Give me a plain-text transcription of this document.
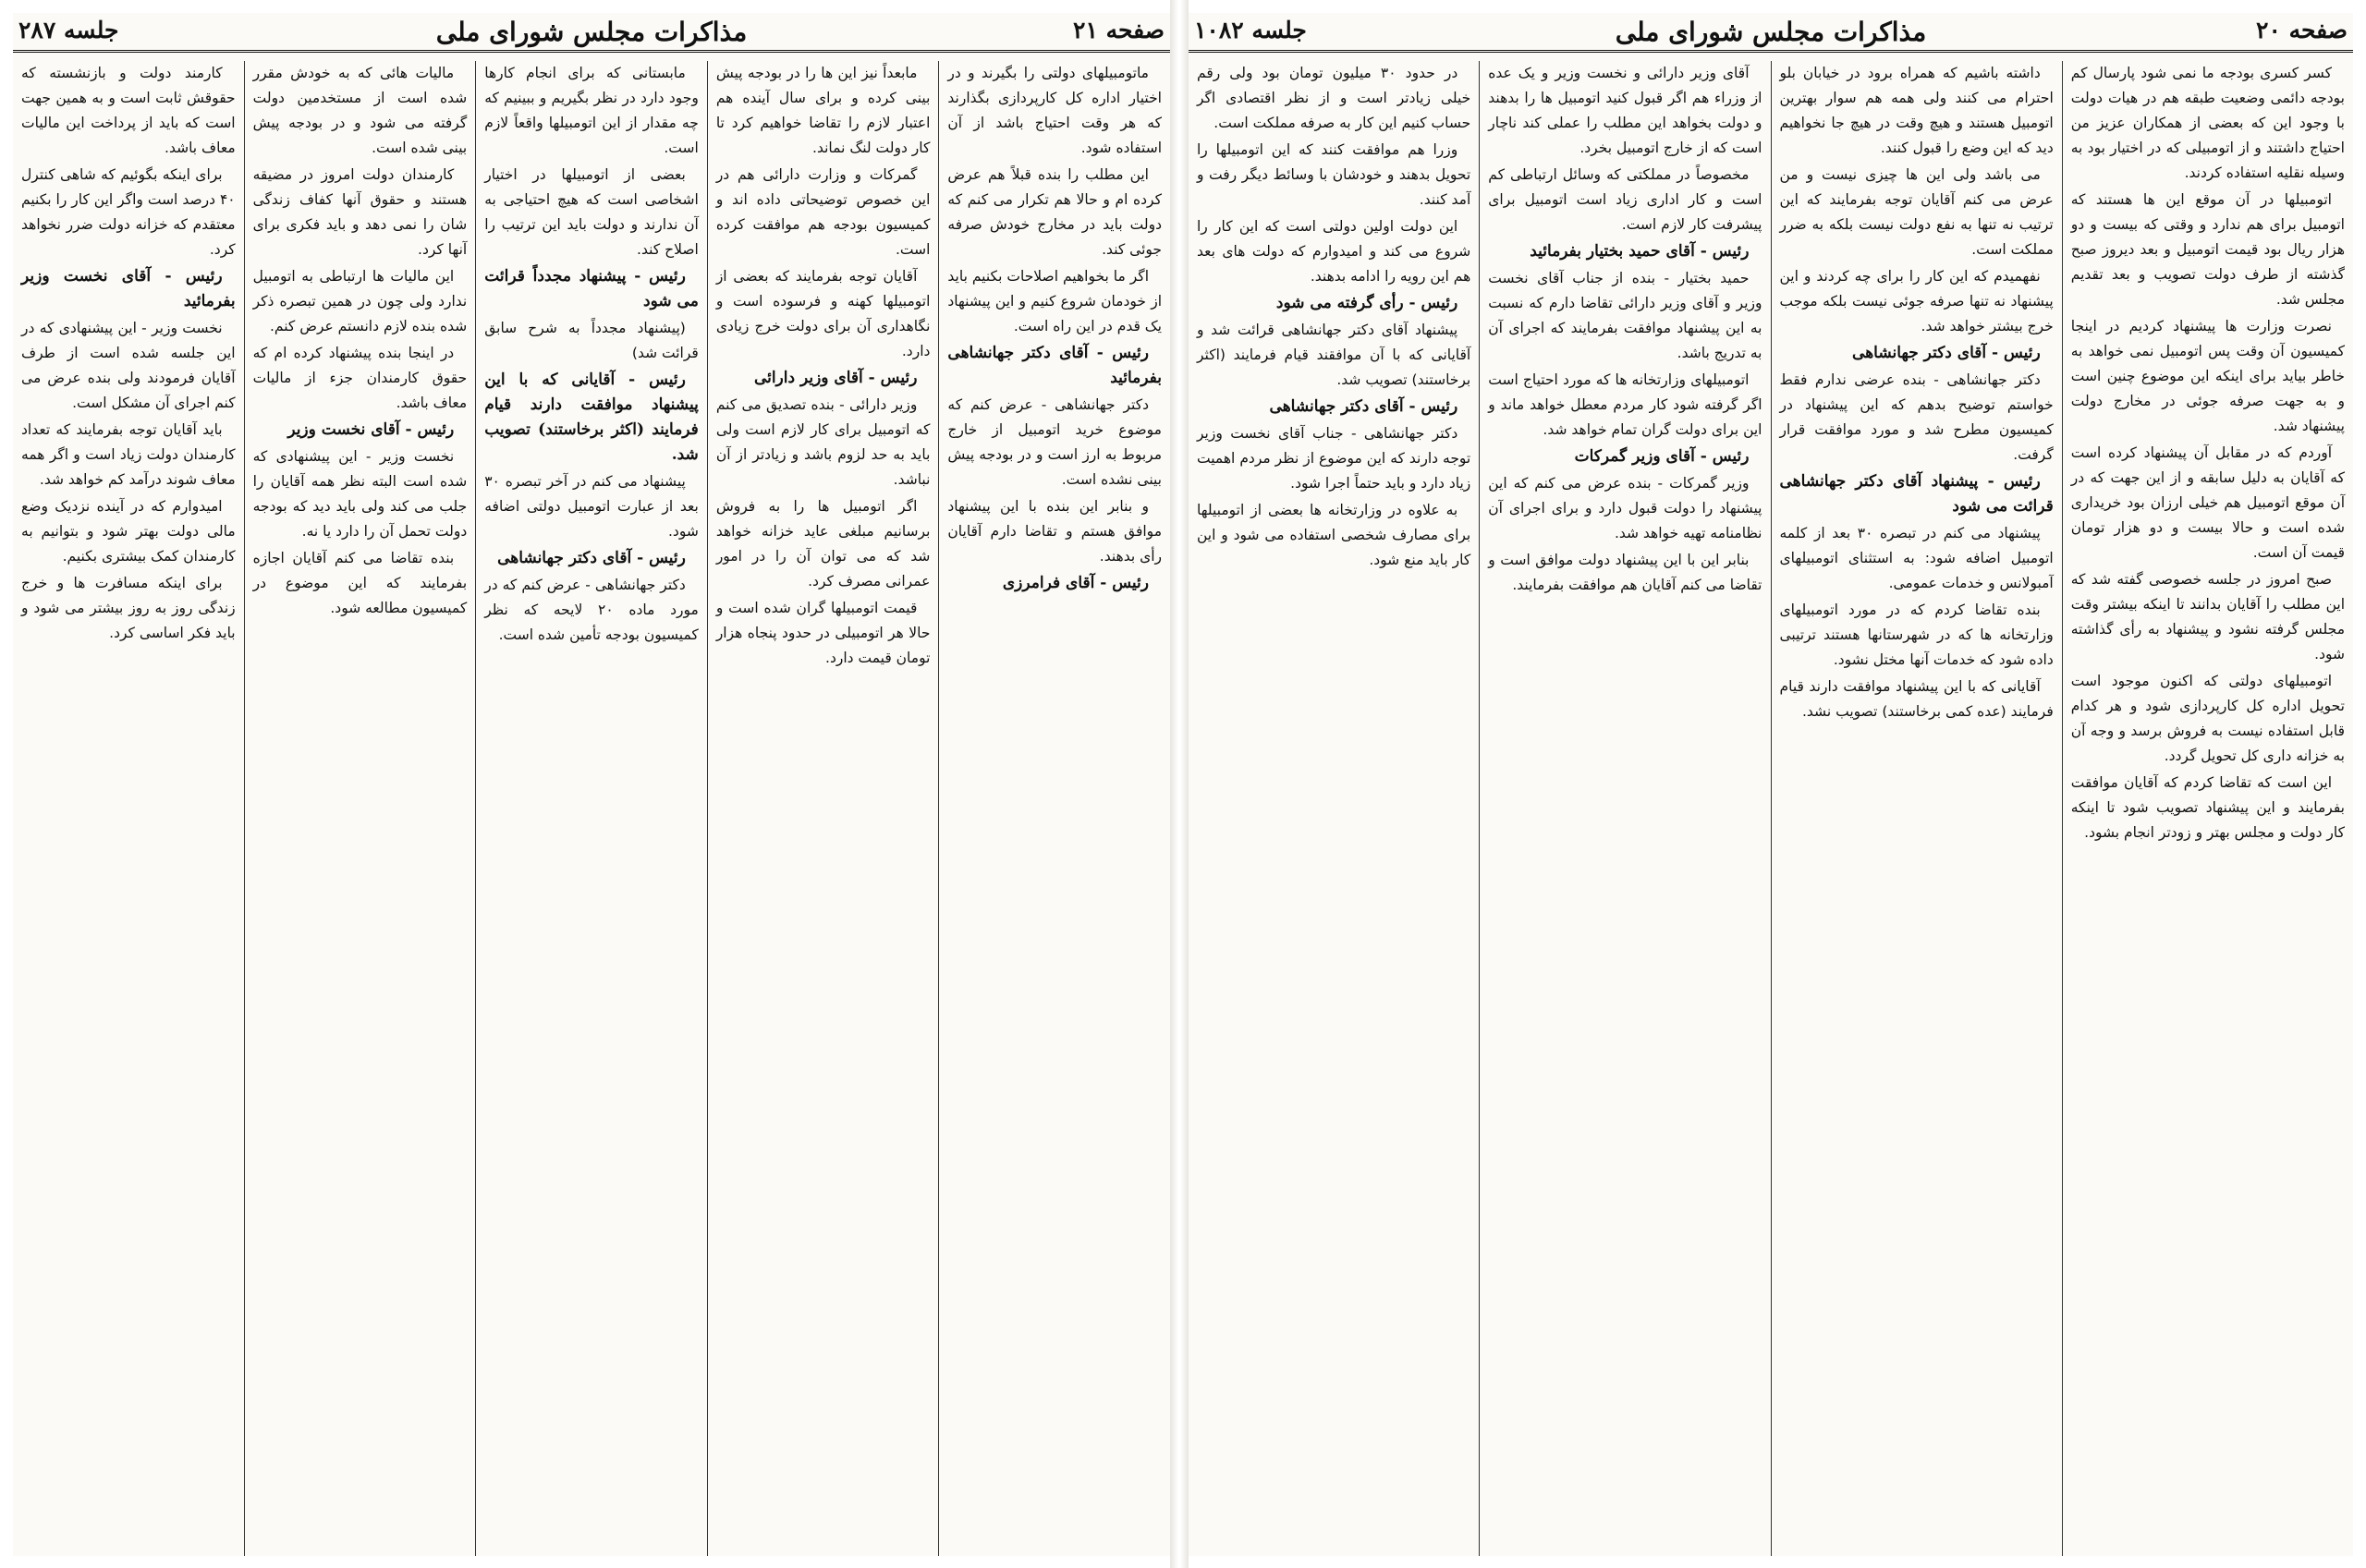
صفحه ۲۱
مذاکرات مجلس شورای ملی
جلسه ۲۸۷

ماتومبیلهای دولتی را بگیرند و در اختیار اداره کل کارپردازی بگذارند که هر وقت احتیاج باشد از آن استفاده شود.

این مطلب را بنده قبلاً هم عرض کرده ام و حالا هم تکرار می کنم که دولت باید در مخارج خودش صرفه جوئی کند.

اگر ما بخواهیم اصلاحات بکنیم باید از خودمان شروع کنیم و این پیشنهاد یک قدم در این راه است.

رئیس - آقای دکتر جهانشاهی بفرمائید

دکتر جهانشاهی - عرض کنم که موضوع خرید اتومبیل از خارج مربوط به ارز است و در بودجه پیش بینی نشده است.

و بنابر این بنده با این پیشنهاد موافق هستم و تقاضا دارم آقایان رأی بدهند.

رئیس - آقای فرامرزی

مابعداً نیز این ها را در بودجه پیش بینی کرده و برای سال آینده هم اعتبار لازم را تقاضا خواهیم کرد تا کار دولت لنگ نماند.

گمرکات و وزارت دارائی هم در این خصوص توضیحاتی داده اند و کمیسیون بودجه هم موافقت کرده است.

آقایان توجه بفرمایند که بعضی از اتومبیلها کهنه و فرسوده است و نگاهداری آن برای دولت خرج زیادی دارد.

رئیس - آقای وزیر دارائی

وزیر دارائی - بنده تصدیق می کنم که اتومبیل برای کار لازم است ولی باید به حد لزوم باشد و زیادتر از آن نباشد.

اگر اتومبیل ها را به فروش برسانیم مبلغی عاید خزانه خواهد شد که می توان آن را در امور عمرانی مصرف کرد.

قیمت اتومبیلها گران شده است و حالا هر اتومبیلی در حدود پنجاه هزار تومان قیمت دارد.

مابستانی که برای انجام کارها وجود دارد در نظر بگیریم و ببینیم که چه مقدار از این اتومبیلها واقعاً لازم است.

بعضی از اتومبیلها در اختیار اشخاصی است که هیچ احتیاجی به آن ندارند و دولت باید این ترتیب را اصلاح کند.

رئیس - پیشنهاد مجدداً قرائت می شود

(پیشنهاد مجدداً به شرح سابق قرائت شد)

رئیس - آقایانی که با این پیشنهاد موافقت دارند قیام فرمایند (اکثر برخاستند) تصویب شد.

پیشنهاد می کنم در آخر تبصره ۳۰ بعد از عبارت اتومبیل دولتی اضافه شود.

رئیس - آقای دکتر جهانشاهی

دکتر جهانشاهی - عرض کنم که در مورد ماده ۲۰ لایحه که نظر کمیسیون بودجه تأمین شده است.

مالیات هائی که به خودش مقرر شده است از مستخدمین دولت گرفته می شود و در بودجه پیش بینی شده است.

کارمندان دولت امروز در مضیقه هستند و حقوق آنها کفاف زندگی شان را نمی دهد و باید فکری برای آنها کرد.

این مالیات ها ارتباطی به اتومبیل ندارد ولی چون در همین تبصره ذکر شده بنده لازم دانستم عرض کنم.

در اینجا بنده پیشنهاد کرده ام که حقوق کارمندان جزء از مالیات معاف باشد.

رئیس - آقای نخست وزیر

نخست وزیر - این پیشنهادی که شده است البته نظر همه آقایان را جلب می کند ولی باید دید که بودجه دولت تحمل آن را دارد یا نه.

بنده تقاضا می کنم آقایان اجازه بفرمایند که این موضوع در کمیسیون مطالعه شود.

کارمند دولت و بازنشسته که حقوقش ثابت است و به همین جهت است که باید از پرداخت این مالیات معاف باشد.

برای اینکه بگوئیم که شاهی کنترل ۴۰ درصد است واگر این کار را بکنیم معتقدم که خزانه دولت ضرر نخواهد کرد.

رئیس - آقای نخست وزیر بفرمائید

نخست وزیر - این پیشنهادی که در این جلسه شده است از طرف آقایان فرمودند ولی بنده عرض می کنم اجرای آن مشکل است.

باید آقایان توجه بفرمایند که تعداد کارمندان دولت زیاد است و اگر همه معاف شوند درآمد کم خواهد شد.

امیدوارم که در آینده نزدیک وضع مالی دولت بهتر شود و بتوانیم به کارمندان کمک بیشتری بکنیم.

برای اینکه مسافرت ها و خرج زندگی روز به روز بیشتر می شود و باید فکر اساسی کرد.

صفحه ۲۰
مذاکرات مجلس شورای ملی
جلسه ۱۰۸۲

کسر کسری بودجه ما نمی شود پارسال کم بودجه دائمی وضعیت طبقه هم در هیات دولت با وجود این که بعضی از همکاران عزیز من احتیاج داشتند و از اتومبیلی که در اختیار بود به وسیله نقلیه استفاده کردند.

اتومبیلها در آن موقع این ها هستند که اتومبیل برای هم ندارد و وقتی که بیست و دو هزار ریال بود قیمت اتومبیل و بعد دیروز صبح گذشته از طرف دولت تصویب و بعد تقدیم مجلس شد.

نصرت وزارت ها پیشنهاد کردیم در اینجا کمیسیون آن وقت پس اتومبیل نمی خواهد به خاطر بیاید برای اینکه این موضوع چنین است و به جهت صرفه جوئی در مخارج دولت پیشنهاد شد.

آوردم که در مقابل آن پیشنهاد کرده است که آقایان به دلیل سابقه و از این جهت که در آن موقع اتومبیل هم خیلی ارزان بود خریداری شده است و حالا بیست و دو هزار تومان قیمت آن است.

صبح امروز در جلسه خصوصی گفته شد که این مطلب را آقایان بدانند تا اینکه بیشتر وقت مجلس گرفته نشود و پیشنهاد به رأی گذاشته شود.

اتومبیلهای دولتی که اکنون موجود است تحویل اداره کل کارپردازی شود و هر کدام قابل استفاده نیست به فروش برسد و وجه آن به خزانه داری کل تحویل گردد.

این است که تقاضا کردم که آقایان موافقت بفرمایند و این پیشنهاد تصویب شود تا اینکه کار دولت و مجلس بهتر و زودتر انجام بشود.

داشته باشیم که همراه برود در خیابان بلو احترام می کنند ولی همه هم سوار بهترین اتومبیل هستند و هیچ وقت در هیچ جا نخواهیم دید که این وضع را قبول کنند.

می باشد ولی این ها چیزی نیست و من عرض می کنم آقایان توجه بفرمایند که این ترتیب نه تنها به نفع دولت نیست بلکه به ضرر مملکت است.

نفهمیدم که این کار را برای چه کردند و این پیشنهاد نه تنها صرفه جوئی نیست بلکه موجب خرج بیشتر خواهد شد.

رئیس - آقای دکتر جهانشاهی

دکتر جهانشاهی - بنده عرضی ندارم فقط خواستم توضیح بدهم که این پیشنهاد در کمیسیون مطرح شد و مورد موافقت قرار گرفت.

رئیس - پیشنهاد آقای دکتر جهانشاهی قرائت می شود

پیشنهاد می کنم در تبصره ۳۰ بعد از کلمه اتومبیل اضافه شود: به استثنای اتومبیلهای آمبولانس و خدمات عمومی.

بنده تقاضا کردم که در مورد اتومبیلهای وزارتخانه ها که در شهرستانها هستند ترتیبی داده شود که خدمات آنها مختل نشود.

آقایانی که با این پیشنهاد موافقت دارند قیام فرمایند (عده کمی برخاستند) تصویب نشد.

آقای وزیر دارائی و نخست وزیر و یک عده از وزراء هم اگر قبول کنید اتومبیل ها را بدهند و دولت بخواهد این مطلب را عملی کند ناچار است که از خارج اتومبیل بخرد.

مخصوصاً در مملکتی که وسائل ارتباطی کم است و کار اداری زیاد است اتومبیل برای پیشرفت کار لازم است.

رئیس - آقای حمید بختیار بفرمائید

حمید بختیار - بنده از جناب آقای نخست وزیر و آقای وزیر دارائی تقاضا دارم که نسبت به این پیشنهاد موافقت بفرمایند که اجرای آن به تدریج باشد.

اتومبیلهای وزارتخانه ها که مورد احتیاج است اگر گرفته شود کار مردم معطل خواهد ماند و این برای دولت گران تمام خواهد شد.

رئیس - آقای وزیر گمرکات

وزیر گمرکات - بنده عرض می کنم که این پیشنهاد را دولت قبول دارد و برای اجرای آن نظامنامه تهیه خواهد شد.

بنابر این با این پیشنهاد دولت موافق است و تقاضا می کنم آقایان هم موافقت بفرمایند.

در حدود ۳۰ میلیون تومان بود ولی رقم خیلی زیادتر است و از نظر اقتصادی اگر حساب کنیم این کار به صرفه مملکت است.

وزرا هم موافقت کنند که این اتومبیلها را تحویل بدهند و خودشان با وسائط دیگر رفت و آمد کنند.

این دولت اولین دولتی است که این کار را شروع می کند و امیدوارم که دولت های بعد هم این رویه را ادامه بدهند.

رئیس - رأی گرفته می شود

پیشنهاد آقای دکتر جهانشاهی قرائت شد و آقایانی که با آن موافقند قیام فرمایند (اکثر برخاستند) تصویب شد.

رئیس - آقای دکتر جهانشاهی

دکتر جهانشاهی - جناب آقای نخست وزیر توجه دارند که این موضوع از نظر مردم اهمیت زیاد دارد و باید حتماً اجرا شود.

به علاوه در وزارتخانه ها بعضی از اتومبیلها برای مصارف شخصی استفاده می شود و این کار باید منع شود.
